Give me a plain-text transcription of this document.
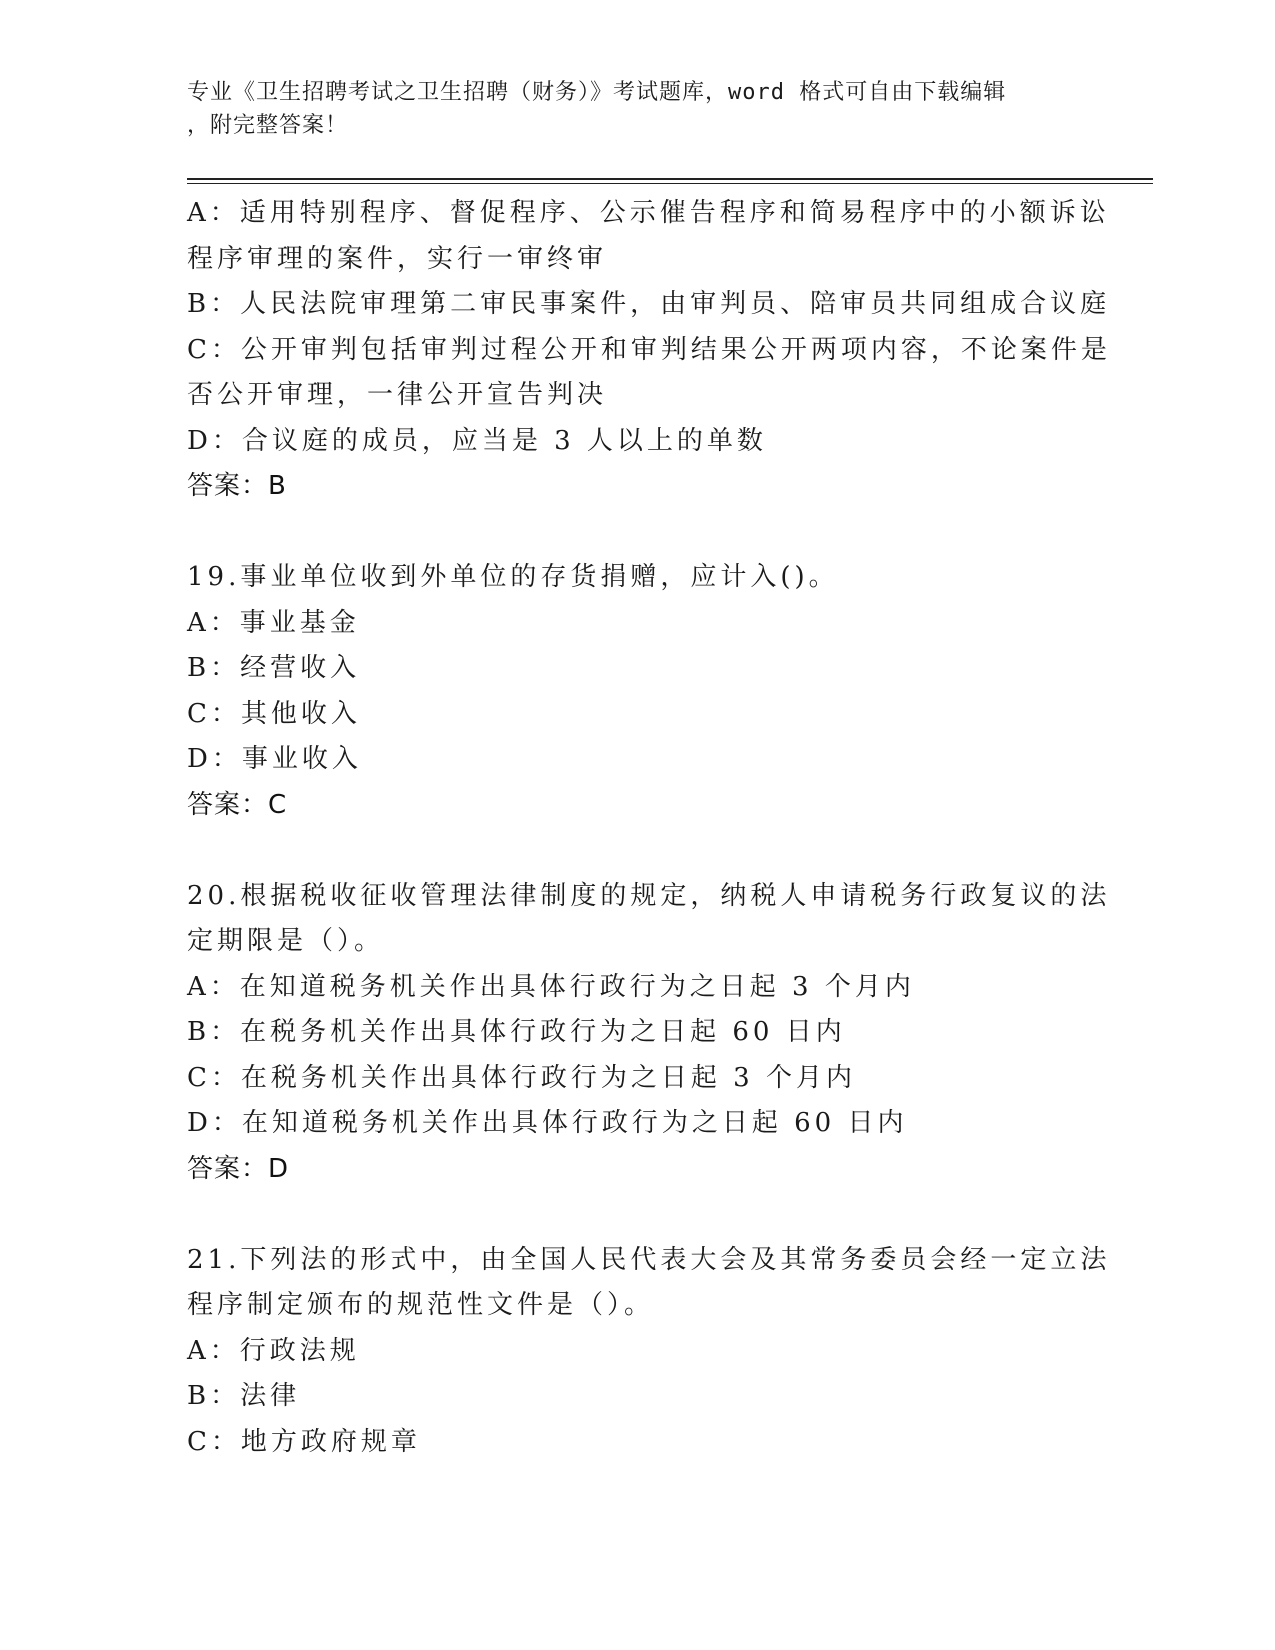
专业《卫生招聘考试之卫生招聘（财务）》考试题库，word 格式可自由下载编辑
，附完整答案！
A：适用特别程序、督促程序、公示催告程序和简易程序中的小额诉讼
程序审理的案件，实行一审终审
B：人民法院审理第二审民事案件，由审判员、陪审员共同组成合议庭
C：公开审判包括审判过程公开和审判结果公开两项内容，不论案件是
否公开审理，一律公开宣告判决
D：合议庭的成员，应当是 3 人以上的单数
答案：B
19.事业单位收到外单位的存货捐赠，应计入()。
A：事业基金
B：经营收入
C：其他收入
D：事业收入
答案：C
20.根据税收征收管理法律制度的规定，纳税人申请税务行政复议的法
定期限是（）。
A：在知道税务机关作出具体行政行为之日起 3 个月内
B：在税务机关作出具体行政行为之日起 60 日内
C：在税务机关作出具体行政行为之日起 3 个月内
D：在知道税务机关作出具体行政行为之日起 60 日内
答案：D
21.下列法的形式中，由全国人民代表大会及其常务委员会经一定立法
程序制定颁布的规范性文件是（）。
A：行政法规
B：法律
C：地方政府规章
